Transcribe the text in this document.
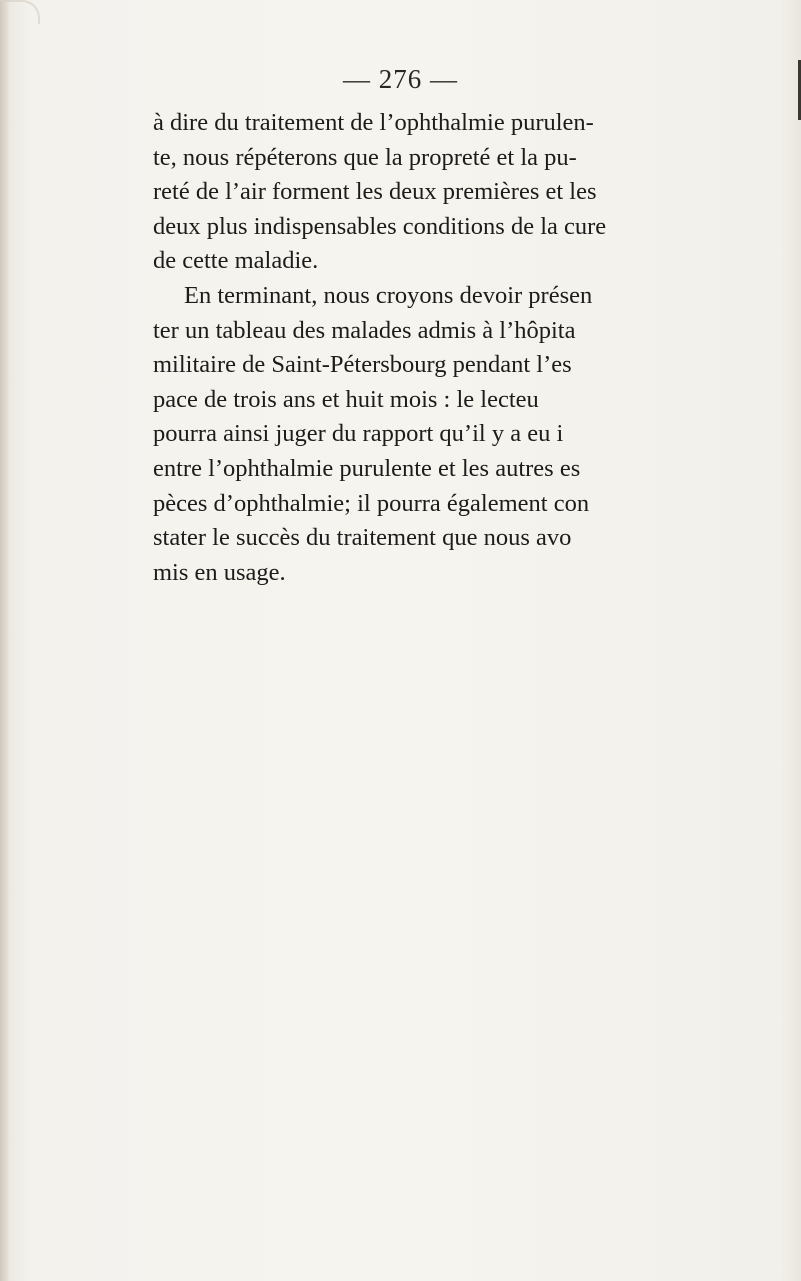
— 276 —
à dire du traitement de l’ophthalmie purulen-
te, nous répéterons que la propreté et la pu-
reté de l’air forment les deux premières et les
deux plus indispensables conditions de la cure
de cette maladie.
En terminant, nous croyons devoir présen
ter un tableau des malades admis à l’hôpita
militaire de Saint-Pétersbourg pendant l’es
pace de trois ans et huit mois : le lecteu
pourra ainsi juger du rapport qu’il y a eu i
entre l’ophthalmie purulente et les autres es
pèces d’ophthalmie; il pourra également con
stater le succès du traitement que nous avo
mis en usage.
